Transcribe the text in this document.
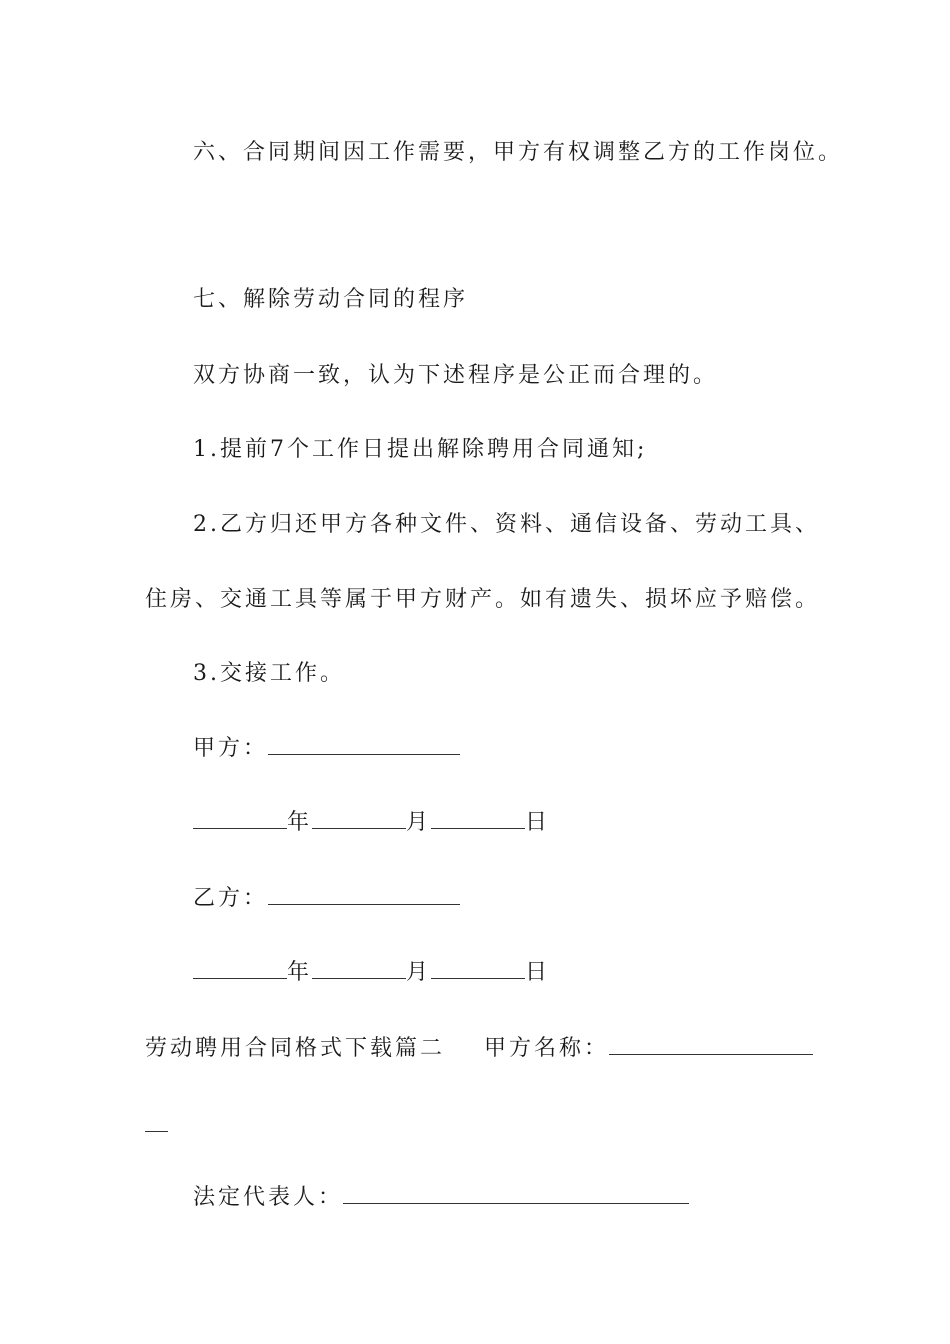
六、合同期间因工作需要，甲方有权调整乙方的工作岗位。
七、解除劳动合同的程序
双方协商一致，认为下述程序是公正而合理的。
1.提前7个工作日提出解除聘用合同通知;
2.乙方归还甲方各种文件、资料、通信设备、劳动工具、
住房、交通工具等属于甲方财产。如有遗失、损坏应予赔偿。
3.交接工作。
甲方：
年	月	日
乙方：
年	月	日
劳动聘用合同格式下载篇二 甲方名称：
法定代表人：
